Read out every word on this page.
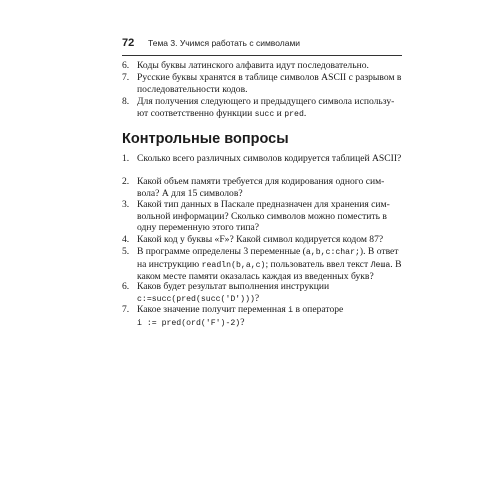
72 Тема 3. Учимся работать с символами
6. Коды буквы латинского алфавита идут последовательно.
7. Русские буквы хранятся в таблице символов ASCII с разрывом в последовательности кодов.
8. Для получения следующего и предыдущего символа использу-ют соответственно функции succ и pred.
Контрольные вопросы
1. Сколько всего различных символов кодируется таблицей ASCII?
2. Какой объем памяти требуется для кодирования одного сим-вола? А для 15 символов?
3. Какой тип данных в Паскале предназначен для хранения сим-вольной информации? Сколько символов можно поместить в одну переменную этого типа?
4. Какой код у буквы «F»? Какой символ кодируется кодом 87?
5. В программе определены 3 переменные (a,b,c:char;). В ответ на инструкцию readln(b,a,c); пользователь ввел текст Леша. В каком месте памяти оказалась каждая из введенных букв?
6. Каков будет результат выполнения инструкции
c:=succ(pred(succ('D')))?
7. Какое значение получит переменная i в операторе
i := pred(ord('F')-2)?
